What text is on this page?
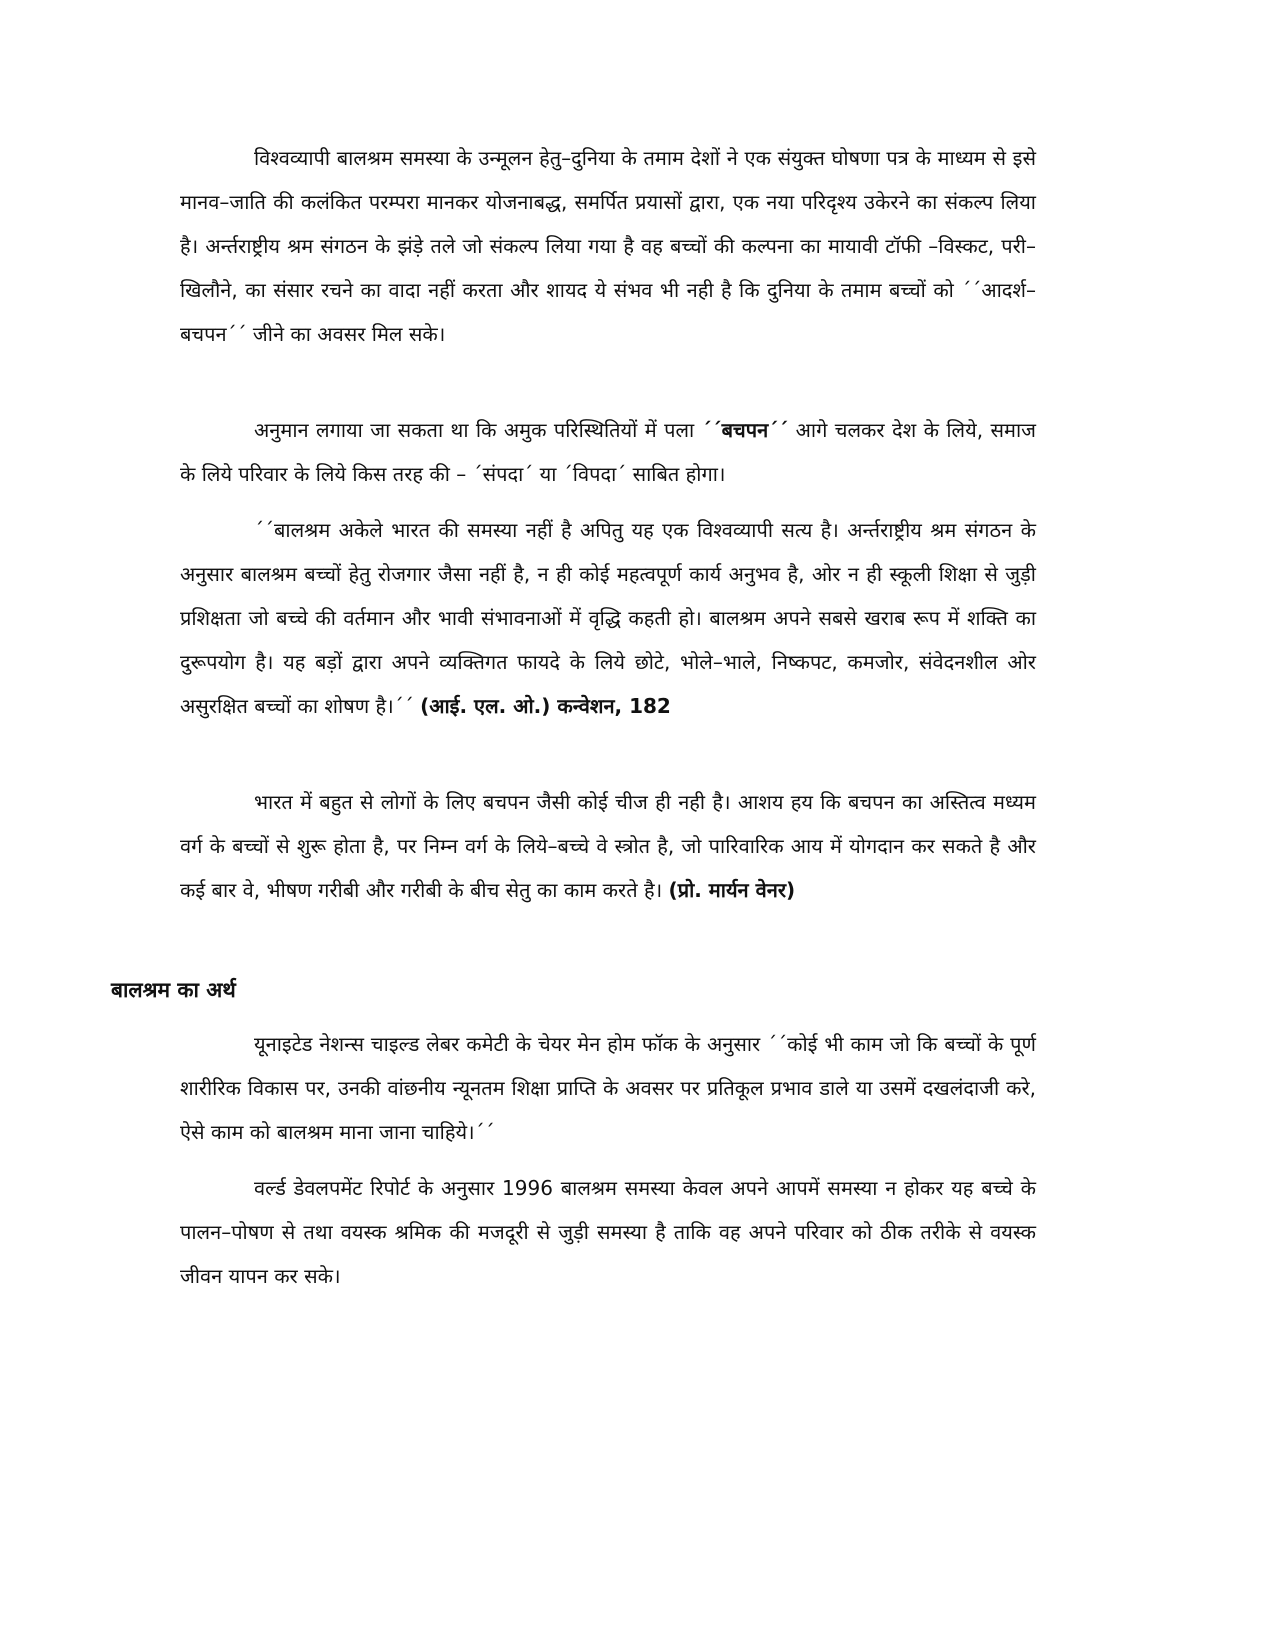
विश्वव्यापी बालश्रम समस्या के उन्मूलन हेतु–दुनिया के तमाम देशों ने एक संयुक्त घोषणा पत्र के माध्यम से इसे मानव–जाति की कलंकित परम्परा मानकर योजनाबद्ध, समर्पित प्रयासों द्वारा, एक नया परिदृश्य उकेरने का संकल्प लिया है। अर्न्तराष्ट्रीय श्रम संगठन के झंड़े तले जो संकल्प लिया गया है वह बच्चों की कल्पना का मायावी टॉफी –विस्कट, परी–खिलौने, का संसार रचने का वादा नहीं करता और शायद ये संभव भी नही है कि दुनिया के तमाम बच्चों को ´´आदर्श–बचपन´´ जीने का अवसर मिल सके।

अनुमान लगाया जा सकता था कि अमुक परिस्थितियों में पला ´´बचपन´´ आगे चलकर देश के लिये, समाज के लिये परिवार के लिये किस तरह की – ´संपदा´ या ´विपदा´ साबित होगा।

´´बालश्रम अकेले भारत की समस्या नहीं है अपितु यह एक विश्वव्यापी सत्य है। अर्न्तराष्ट्रीय श्रम संगठन के अनुसार बालश्रम बच्चों हेतु रोजगार जैसा नहीं है, न ही कोई महत्वपूर्ण कार्य अनुभव है, ओर न ही स्कूली शिक्षा से जुड़ी प्रशिक्षता जो बच्चे की वर्तमान और भावी संभावनाओं में वृद्धि कहती हो। बालश्रम अपने सबसे खराब रूप में शक्ति का दुरूपयोग है। यह बड़ों द्वारा अपने व्यक्तिगत फायदे के लिये छोटे, भोले–भाले, निष्कपट, कमजोर, संवेदनशील ओर असुरक्षित बच्चों का शोषण है।´´ (आई. एल. ओ.) कन्वेशन, 182

भारत में बहुत से लोगों के लिए बचपन जैसी कोई चीज ही नही है। आशय हय कि बचपन का अस्तित्व मध्यम वर्ग के बच्चों से शुरू होता है, पर निम्न वर्ग के लिये–बच्चे वे स्त्रोत है, जो पारिवारिक आय में योगदान कर सकते है और कई बार वे, भीषण गरीबी और गरीबी के बीच सेतु का काम करते है। (प्रो. मार्यन वेनर)

बालश्रम का अर्थ

यूनाइटेड नेशन्स चाइल्ड लेबर कमेटी के चेयर मेन होम फॉक के अनुसार ´´कोई भी काम जो कि बच्चों के पूर्ण शारीरिक विकास पर, उनकी वांछनीय न्यूनतम शिक्षा प्राप्ति के अवसर पर प्रतिकूल प्रभाव डाले या उसमें दखलंदाजी करे, ऐसे काम को बालश्रम माना जाना चाहिये।´´

वर्ल्ड डेवलपमेंट रिपोर्ट के अनुसार 1996 बालश्रम समस्या केवल अपने आपमें समस्या न होकर यह बच्चे के पालन–पोषण से तथा वयस्क श्रमिक की मजदूरी से जुड़ी समस्या है ताकि वह अपने परिवार को ठीक तरीके से वयस्क जीवन यापन कर सके।
